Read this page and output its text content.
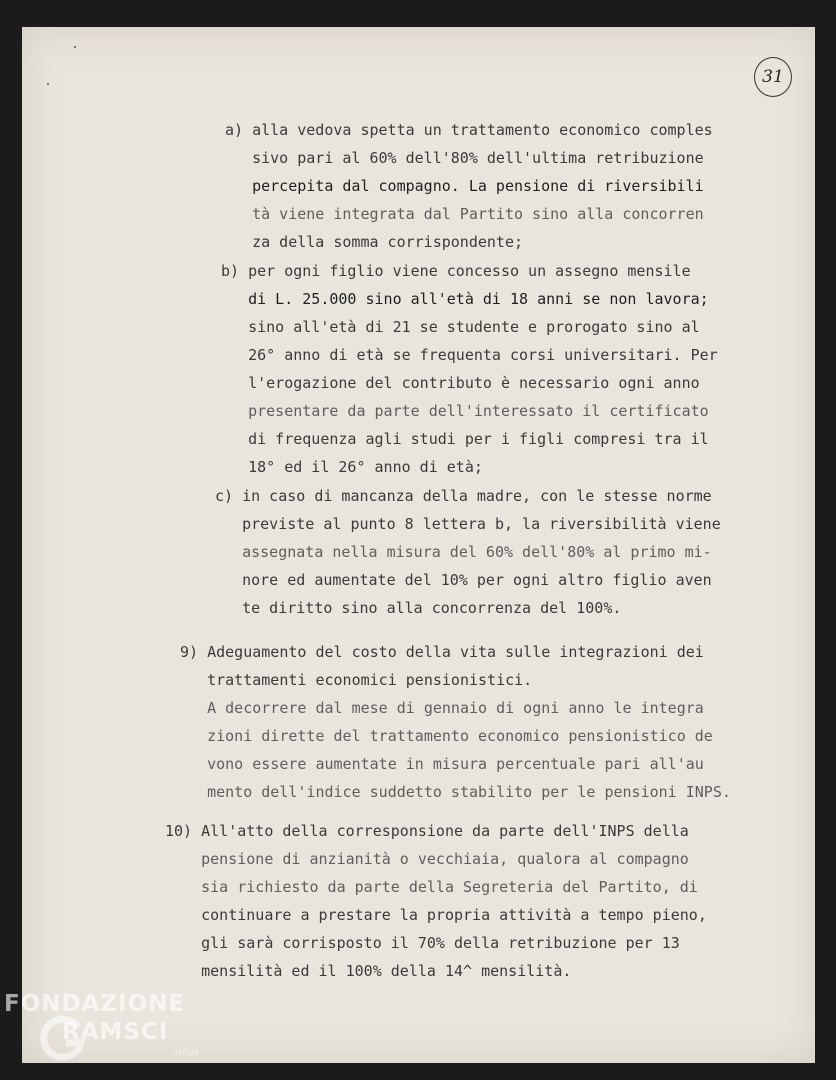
31
a) alla vedova spetta un trattamento economico comples
sivo pari al 60% dell'80% dell'ultima retribuzione
percepita dal compagno. La pensione di riversibili
tà viene integrata dal Partito sino alla concorren
za della somma corrispondente;
b) per ogni figlio viene concesso un assegno mensile
di L. 25.000 sino all'età di 18 anni se non lavora;
sino all'età di 21 se studente e prorogato sino al
26° anno di età se frequenta corsi universitari. Per
l'erogazione del contributo è necessario ogni anno
presentare da parte dell'interessato il certificato
di frequenza agli studi per i figli compresi tra il
18° ed il 26° anno di età;
c) in caso di mancanza della madre, con le stesse norme
previste al punto 8 lettera b, la riversibilità viene
assegnata nella misura del 60% dell'80% al primo mi-
nore ed aumentate del 10% per ogni altro figlio aven
te diritto sino alla concorrenza del 100%.
9) Adeguamento del costo della vita sulle integrazioni dei
trattamenti economici pensionistici.
A decorrere dal mese di gennaio di ogni anno le integra
zioni dirette del trattamento economico pensionistico de
vono essere aumentate in misura percentuale pari all'au
mento dell'indice suddetto stabilito per le pensioni INPS.
10) All'atto della corresponsione da parte dell'INPS della
pensione di anzianità o vecchiaia, qualora al compagno
sia richiesto da parte della Segreteria del Partito, di
continuare a prestare la propria attività a tempo pieno,
gli sarà corrisposto il 70% della retribuzione per 13
mensilità ed il 100% della 14^ mensilità.
FONDAZIONE
RAMSCI
onlus
